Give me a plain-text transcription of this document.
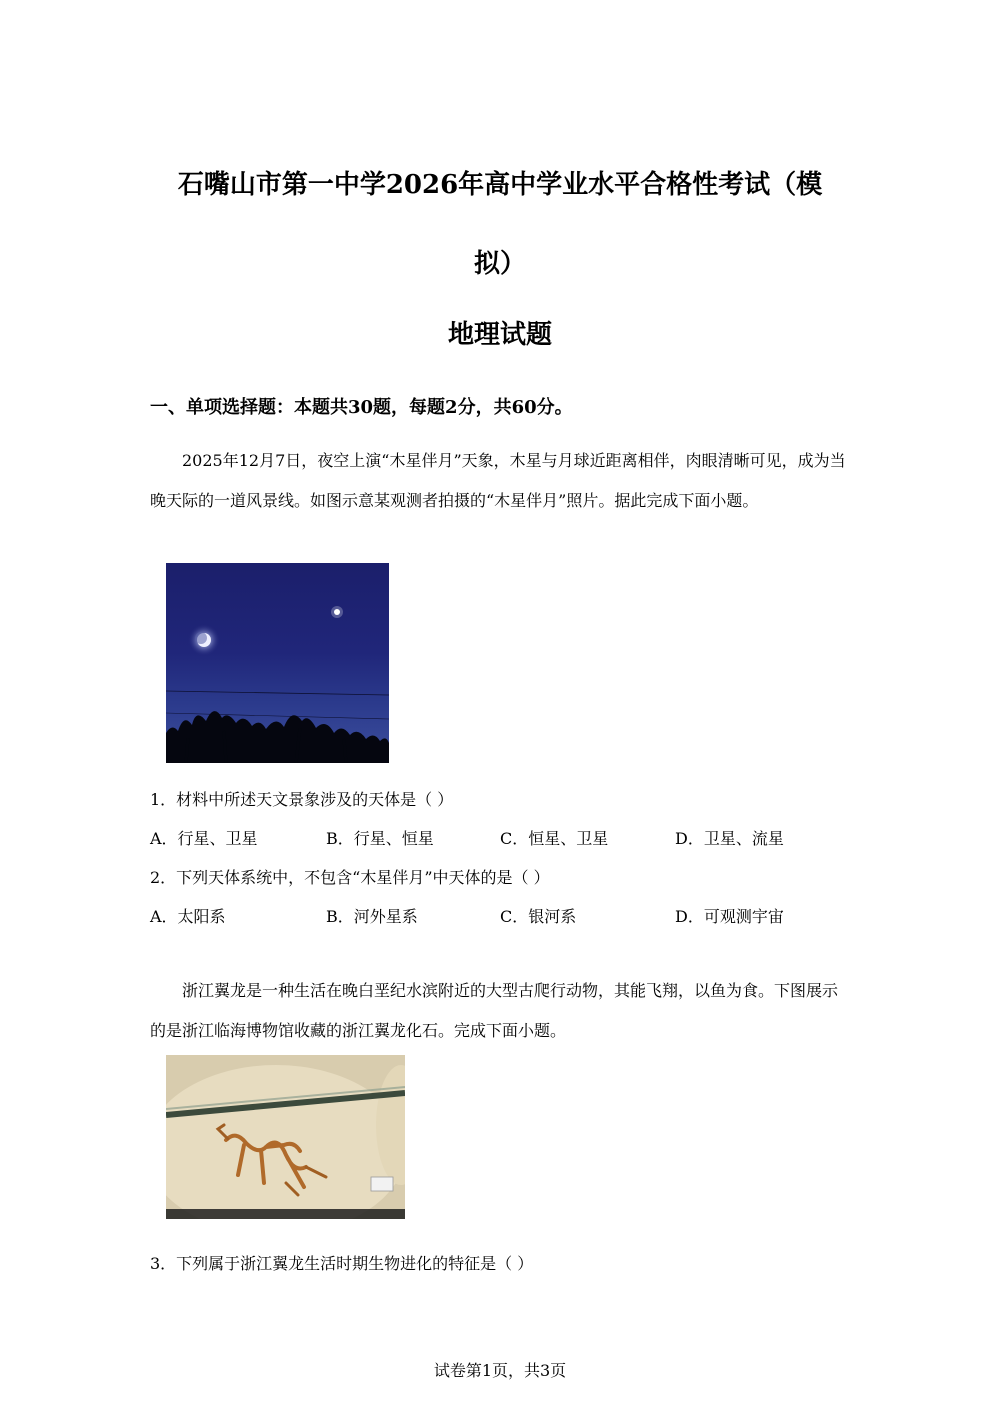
石嘴山市第一中学2026年高中学业水平合格性考试（模
拟）
地理试题
一、单项选择题：本题共30题，每题2分，共60分。
2025年12月7日，夜空上演“木星伴月”天象，木星与月球近距离相伴，肉眼清晰可见，成为当晚天际的一道风景线。如图示意某观测者拍摄的“木星伴月”照片。据此完成下面小题。
1．材料中所述天文景象涉及的天体是（ ）
A．行星、卫星	B．行星、恒星	C．恒星、卫星	D．卫星、流星
2．下列天体系统中，不包含“木星伴月”中天体的是（ ）
A．太阳系	B．河外星系	C．银河系	D．可观测宇宙
浙江翼龙是一种生活在晚白垩纪水滨附近的大型古爬行动物，其能飞翔，以鱼为食。下图展示的是浙江临海博物馆收藏的浙江翼龙化石。完成下面小题。
3．下列属于浙江翼龙生活时期生物进化的特征是（ ）
试卷第1页，共3页
